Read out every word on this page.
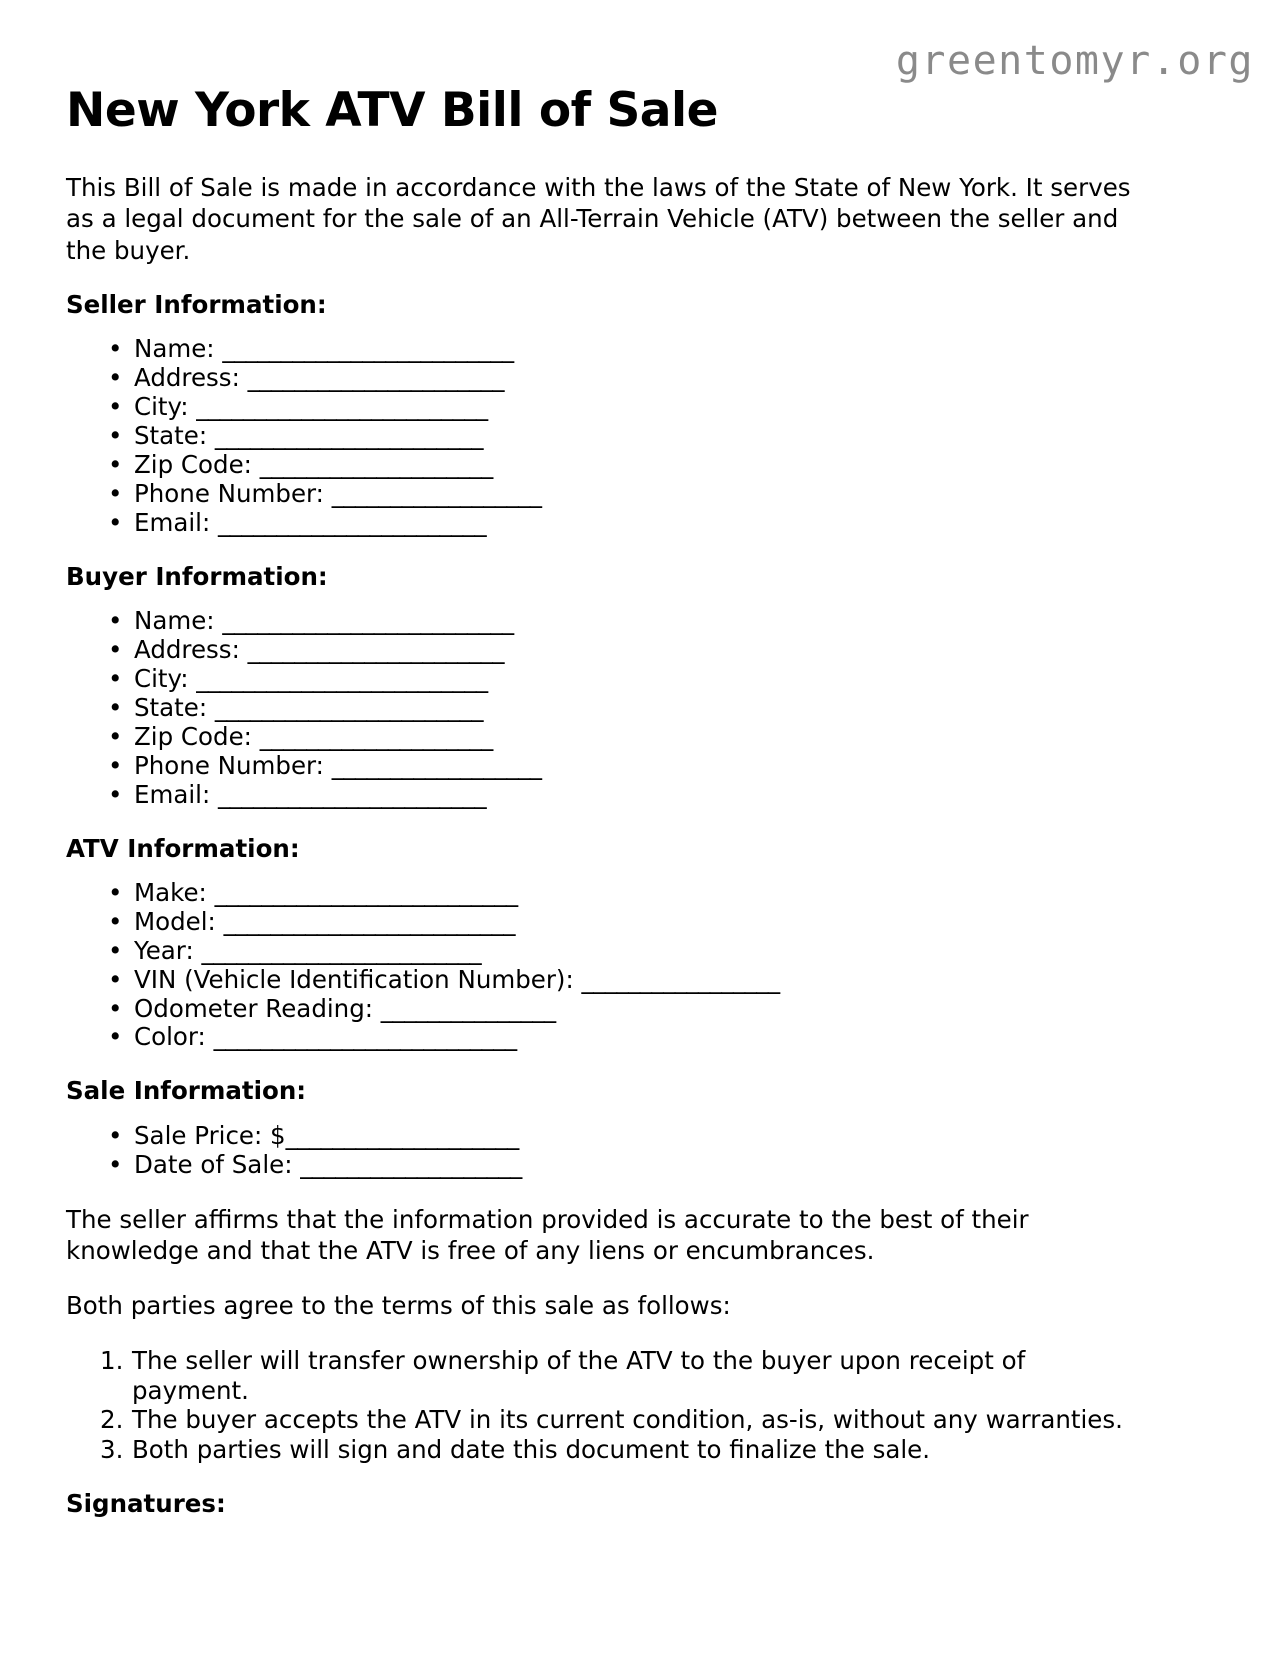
greentomyr.org
New York ATV Bill of Sale

This Bill of Sale is made in accordance with the laws of the State of New York. It serves as a legal document for the sale of an All-Terrain Vehicle (ATV) between the seller and the buyer.

Seller Information:
• Name: _________________________
• Address: ______________________
• City: _________________________
• State: _______________________
• Zip Code: ____________________
• Phone Number: __________________
• Email: _______________________
Buyer Information:
• Name: _________________________
• Address: ______________________
• City: _________________________
• State: _______________________
• Zip Code: ____________________
• Phone Number: __________________
• Email: _______________________
ATV Information:
• Make: __________________________
• Model: _________________________
• Year: ________________________
• VIN (Vehicle Identification Number): _________________
• Odometer Reading: _______________
• Color: __________________________
Sale Information:
• Sale Price: $____________________
• Date of Sale: ___________________

The seller affirms that the information provided is accurate to the best of their knowledge and that the ATV is free of any liens or encumbrances.

Both parties agree to the terms of this sale as follows:

The seller will transfer ownership of the ATV to the buyer upon receipt of payment.
The buyer accepts the ATV in its current condition, as-is, without any warranties.
Both parties will sign and date this document to finalize the sale.
Signatures:
